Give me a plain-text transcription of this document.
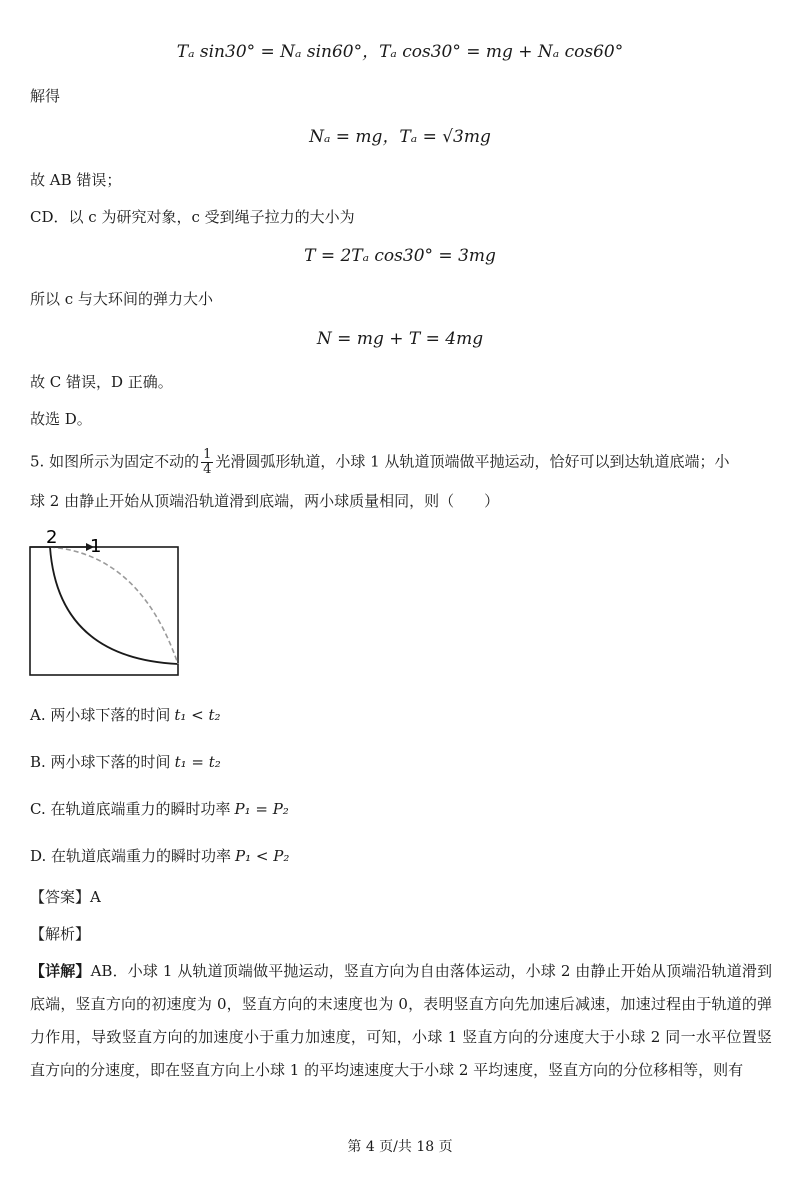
Tₐ sin30° = Nₐ sin60°，Tₐ cos30° = mg + Nₐ cos60°
解得
Nₐ = mg，Tₐ = √3mg
故 AB 错误；
CD．以 c 为研究对象，c 受到绳子拉力的大小为
T = 2Tₐ cos30° = 3mg
所以 c 与大环间的弹力大小
N = mg + T = 4mg
故 C 错误，D 正确。
故选 D。
5. 如图所示为固定不动的 $\frac{1}{4}$ 光滑圆弧形轨道，小球 1 从轨道顶端做平抛运动，恰好可以到达轨道底端；小
球 2 由静止开始从顶端沿轨道滑到底端，两小球质量相同，则（　　）
2 1
A. 两小球下落的时间 t₁ < t₂
B. 两小球下落的时间 t₁ = t₂
C. 在轨道底端重力的瞬时功率 P₁ = P₂
D. 在轨道底端重力的瞬时功率 P₁ < P₂
【答案】A
【解析】
【详解】AB．小球 1 从轨道顶端做平抛运动，竖直方向为自由落体运动，小球 2 由静止开始从顶端沿轨道滑到底端，竖直方向的初速度为 0，竖直方向的末速度也为 0，表明竖直方向先加速后减速，加速过程由于轨道的弹力作用，导致竖直方向的加速度小于重力加速度，可知，小球 1 竖直方向的分速度大于小球 2 同一水平位置竖直方向的分速度，即在竖直方向上小球 1 的平均速速度大于小球 2 平均速度，竖直方向的分位移相等，则有
第 4 页/共 18 页
